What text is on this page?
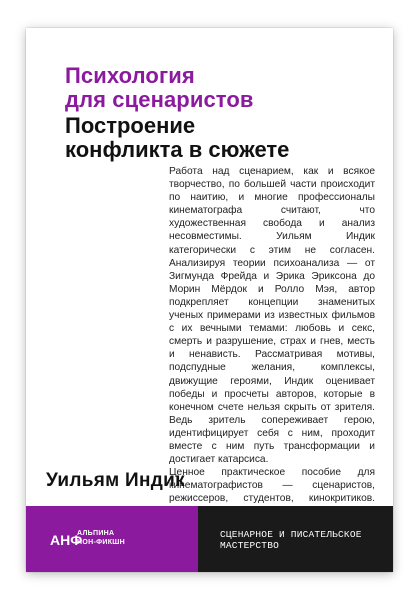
Психология
для сценаристов
Построение
конфликта в сюжете

Работа над сценарием, как и всякое творчество, по большей части происходит по наитию, и многие профессионалы кинематографа считают, что художественная свобода и анализ несовместимы. Уильям Индик категорически с этим не согласен. Анализируя теории психоанализа — от Зигмунда Фрейда и Эрика Эриксона до Морин Мёрдок и Ролло Мэя, автор подкрепляет концепции знаменитых ученых примерами из известных фильмов с их вечными темами: любовь и секс, смерть и разрушение, страх и гнев, месть и ненависть. Рассматривая мотивы, подспудные желания, комплексы, движущие героями, Индик оценивает победы и просчеты авторов, которые в конечном счете нельзя скрыть от зрителя. Ведь зритель сопереживает герою, идентифицирует себя с ним, проходит вместе с ним путь трансформации и достигает катарсиса.

Ценное практическое пособие для кинематографистов — сценаристов, режиссеров, студентов, кинокритиков.

Уильям Индик
АНФ
АЛЬПИНА
НОН-ФИКШН
СЦЕНАРНОЕ И ПИСАТЕЛЬСКОЕ
МАСТЕРСТВО
